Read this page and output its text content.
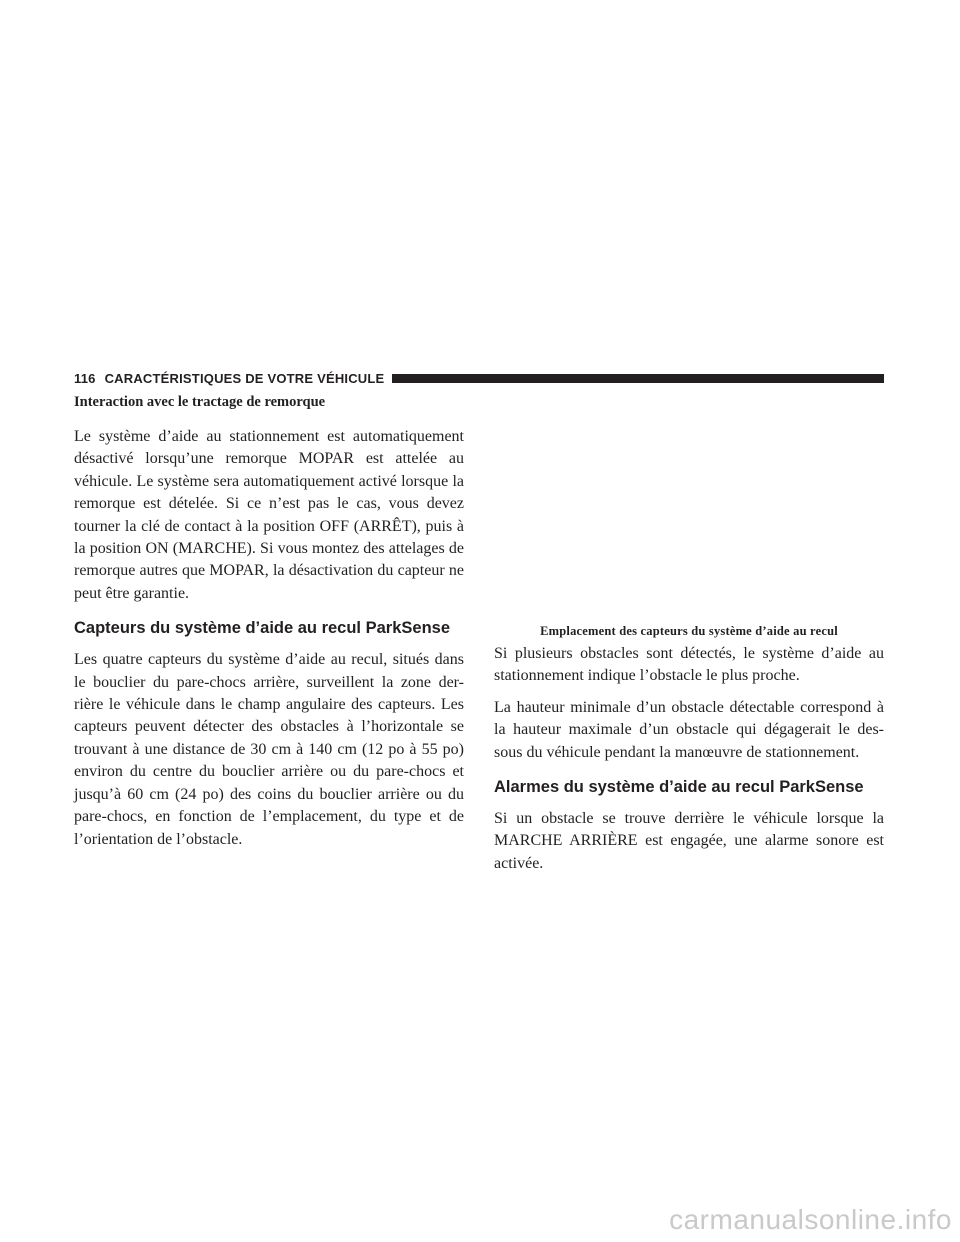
116 CARACTÉRISTIQUES DE VOTRE VÉHICULE
Interaction avec le tractage de remorque

Le système d’aide au stationnement est automatiquement désactivé lorsqu’une remorque MOPAR est attelée au véhicule. Le système sera automatiquement activé lorsque la remorque est dételée. Si ce n’est pas le cas, vous devez tourner la clé de contact à la position OFF (ARRÊT), puis à la position ON (MARCHE). Si vous montez des attelages de remorque autres que MOPAR, la désactivation du capteur ne peut être garantie.

Capteurs du système d’aide au recul ParkSense

Les quatre capteurs du système d’aide au recul, situés dans le bouclier du pare-chocs arrière, surveillent la zone der-rière le véhicule dans le champ angulaire des capteurs. Les capteurs peuvent détecter des obstacles à l’horizontale se trouvant à une distance de 30 cm à 140 cm (12 po à 55 po) environ du centre du bouclier arrière ou du pare-chocs et jusqu’à 60 cm (24 po) des coins du bouclier arrière ou du pare-chocs, en fonction de l’emplacement, du type et de l’orientation de l’obstacle.

Emplacement des capteurs du système d’aide au recul

Si plusieurs obstacles sont détectés, le système d’aide au stationnement indique l’obstacle le plus proche.

La hauteur minimale d’un obstacle détectable correspond à la hauteur maximale d’un obstacle qui dégagerait le des-sous du véhicule pendant la manœuvre de stationnement.

Alarmes du système d’aide au recul ParkSense

Si un obstacle se trouve derrière le véhicule lorsque la MARCHE ARRIÈRE est engagée, une alarme sonore est activée.

carmanualsonline.info
